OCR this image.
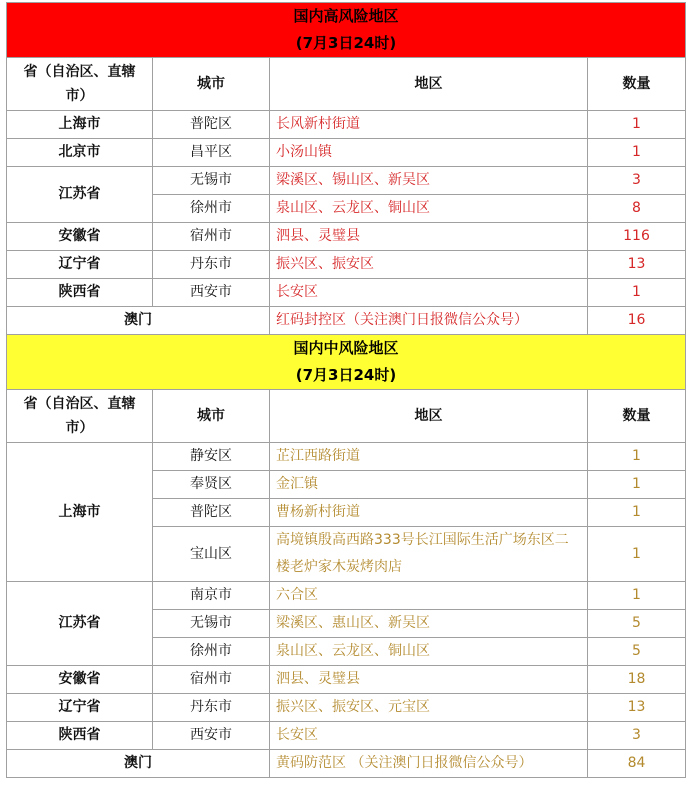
国内高风险地区
(7月3日24时)			

省（自治区、直辖市）	城市	地区	数量
上海市	普陀区	长风新村街道	1
北京市	昌平区	小汤山镇	1
江苏省	无锡市	梁溪区、锡山区、新吴区	3
	徐州市	泉山区、云龙区、铜山区	8
安徽省	宿州市	泗县、灵璧县	116
辽宁省	丹东市	振兴区、振安区	13
陕西省	西安市	长安区	1
澳门		红码封控区（关注澳门日报微信公众号）	16

国内中风险地区
(7月3日24时)			

省（自治区、直辖市）	城市	地区	数量
上海市	静安区	芷江西路街道	1
	奉贤区	金汇镇	1
	普陀区	曹杨新村街道	1
	宝山区	高境镇殷高西路333号长江国际生活广场东区二楼老炉家木炭烤肉店	1
江苏省	南京市	六合区	1
	无锡市	梁溪区、惠山区、新吴区	5
	徐州市	泉山区、云龙区、铜山区	5
安徽省	宿州市	泗县、灵璧县	18
辽宁省	丹东市	振兴区、振安区、元宝区	13
陕西省	西安市	长安区	3
澳门		黄码防范区 （关注澳门日报微信公众号）	84
